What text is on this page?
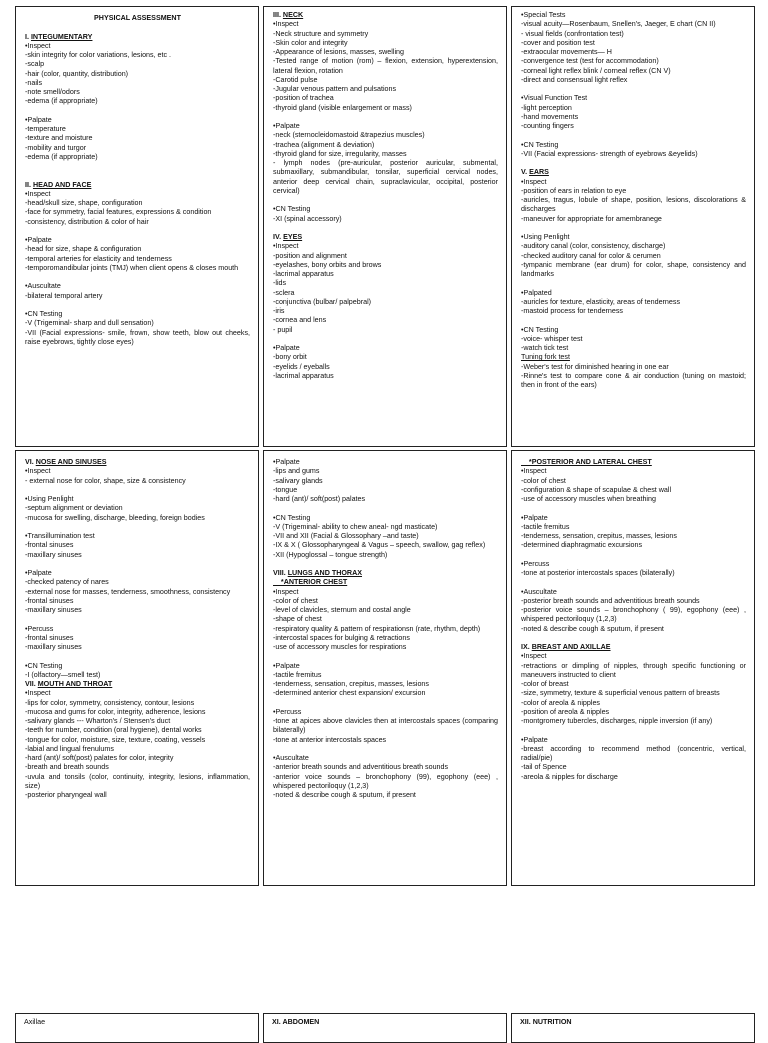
PHYSICAL ASSESSMENT
I. INTEGUMENTARY
•Inspect
-skin integrity for color variations, lesions, etc .
-scalp
-hair (color, quantity, distribution)
-nails
-note smell/odors
-edema (if appropriate)
•Palpate
-temperature
-texture and moisture
-mobility and turgor
-edema (if appropriate)
II. HEAD AND FACE
•Inspect
-head/skull size, shape, configuration
-face for symmetry, facial features, expressions & condition
-consistency, distribution & color of hair
•Palpate
-head for size, shape & configuration
-temporal arteries for elasticity and tenderness
-temporomandibular joints (TMJ) when client opens & closes mouth
•Auscultate
-bilateral temporal artery
•CN Testing
-V (Trigeminal- sharp and dull sensation)
-VII (Facial expressions- smile, frown, show teeth, blow out cheeks, raise eyebrows, tightly close eyes)
III. NECK
•Inspect
-Neck structure and symmetry
-Skin color and integrity
-Appearance of lesions, masses, swelling
-Tested range of motion (rom) – flexion, extension, hyperextension, lateral flexion, rotation
-Carotid pulse
-Jugular venous pattern and pulsations
-position of trachea
-thyroid gland (visible enlargement or mass)
•Palpate
-neck (sternocleidomastoid &trapezius muscles)
-trachea (alignment & deviation)
-thyroid gland for size, irregularity, masses
- lymph nodes (pre-auricular, posterior auricular, submental, submaxillary, submandibular, tonsilar, superficial cervical nodes, anterior deep cervical chain, supraclavicular, occipital, posterior cervical)
•CN Testing
-XI (spinal accessory)
IV. EYES
•Inspect
-position and alignment
-eyelashes, bony orbits and brows
-lacrimal apparatus
-lids
-sclera
-conjunctiva (bulbar/ palpebral)
-iris
-cornea and lens
- pupil
•Palpate
-bony orbit
-eyelids / eyeballs
-lacrimal apparatus
•Special Tests
-visual acuity—Rosenbaum, Snellen's, Jaeger, E chart (CN II)
- visual fields (confrontation test)
-cover and position test
-extraocular movements— H
-convergence test (test for accommodation)
-corneal light reflex blink / corneal reflex (CN V)
-direct and consensual light reflex
•Visual Function Test
-light perception
-hand movements
-counting fingers
•CN Testing
-VII (Facial expressions- strength of eyebrows &eyelids)
V. EARS
•Inspect
-position of ears in relation to eye
-auricles, tragus, lobule of shape, position, lesions, discolorations & discharges
-maneuver for appropriate for amembranege
•Using Penlight
-auditory canal (color, consistency, discharge)
-checked auditory canal for color & cerumen
-tympanic membrane (ear drum) for color, shape, consistency and landmarks
•Palpated
-auricles for texture, elasticity, areas of tenderness
-mastoid process for tenderness
•CN Testing
-voice- whisper test
-watch tick test
Tuning fork test
-Weber's test for diminished hearing in one ear
-Rinne's test to compare cone & air conduction (tuning on mastoid; then in front of the ears)
VI. NOSE AND SINUSES
•Inspect
- external nose for color, shape, size & consistency
•Using Penlight
-septum alignment or deviation
-mucosa for swelling, discharge, bleeding, foreign bodies
•Transillumination test
-frontal sinuses
-maxillary sinuses
•Palpate
-checked patency of nares
-external nose for masses, tenderness, smoothness, consistency
-frontal sinuses
-maxillary sinuses
•Percuss
-frontal sinuses
-maxillary sinuses
•CN Testing
-I (olfactory—smell test)
VII. MOUTH AND THROAT
•Inspect
-lips for color, symmetry, consistency, contour, lesions
-mucosa and gums for color, integrity, adherence, lesions
-salivary glands --- Wharton's / Stensen's duct
-teeth for number, condition (oral hygiene), dental works
-tongue for color, moisture, size, texture, coating, vessels
-labial and lingual frenulums
-hard (ant)/ soft(post) palates for color, integrity
-breath and breath sounds
-uvula and tonsils (color, continuity, integrity, lesions, inflammation, size)
-posterior pharyngeal wall
•Palpate
-lips and gums
-salivary glands
-tongue
-hard (ant)/ soft(post) palates
•CN Testing
-V (Trigeminal- ability to chew aneal- ngd masticate)
-VII and XII (Facial & Glossophary –and taste)
-IX & X ( Glossopharyngeal & Vagus – speech, swallow, gag reflex)
-XII (Hypoglossal – tongue strength)
VIII. LUNGS AND THORAX
*ANTERIOR CHEST
•Inspect
-color of chest
-level of clavicles, sternum and costal angle
-shape of chest
-respiratory quality & pattern of respirationsn (rate, rhythm, depth)
-intercostal spaces for bulging & retractions
-use of accessory muscles for respirations
•Palpate
-tactile fremitus
-tenderness, sensation, crepitus, masses, lesions
-determined anterior chest expansion/ excursion
•Percuss
-tone at apices above clavicles then at intercostals spaces (comparing bilaterally)
-tone at anterior intercostals spaces
•Auscultate
-anterior breath sounds and adventitious breath sounds
-anterior voice sounds – bronchophony (99), egophony (eee) , whispered pectoriloquy (1,2,3)
-noted & describe cough & sputum, if present
*POSTERIOR AND LATERAL CHEST
•Inspect
-color of chest
-configuration & shape of scapulae & chest wall
-use of accessory muscles when breathing
•Palpate
-tactile fremitus
-tenderness, sensation, crepitus, masses, lesions
-determined diaphragmatic excursions
•Percuss
-tone at posterior intercostals spaces (bilaterally)
•Auscultate
-posterior breath sounds and adventitious breath sounds
-posterior voice sounds – bronchophony ( 99), egophony (eee) , whispered pectoriloquy (1,2,3)
-noted & describe cough & sputum, if present
IX. BREAST AND AXILLAE
•Inspect
-retractions or dimpling of nipples, through specific functioning or maneuvers instructed to client
-color of breast
-size, symmetry, texture & superficial venous pattern of breasts
-color of areola & nipples
-position of areola & nipples
-montgromery tubercles, discharges, nipple inversion (if any)
•Palpate
-breast according to recommend method (concentric, vertical, radial/pie)
-tail of Spence
-areola & nipples for discharge
Axillae	XI. ABDOMEN	XII. NUTRITION
